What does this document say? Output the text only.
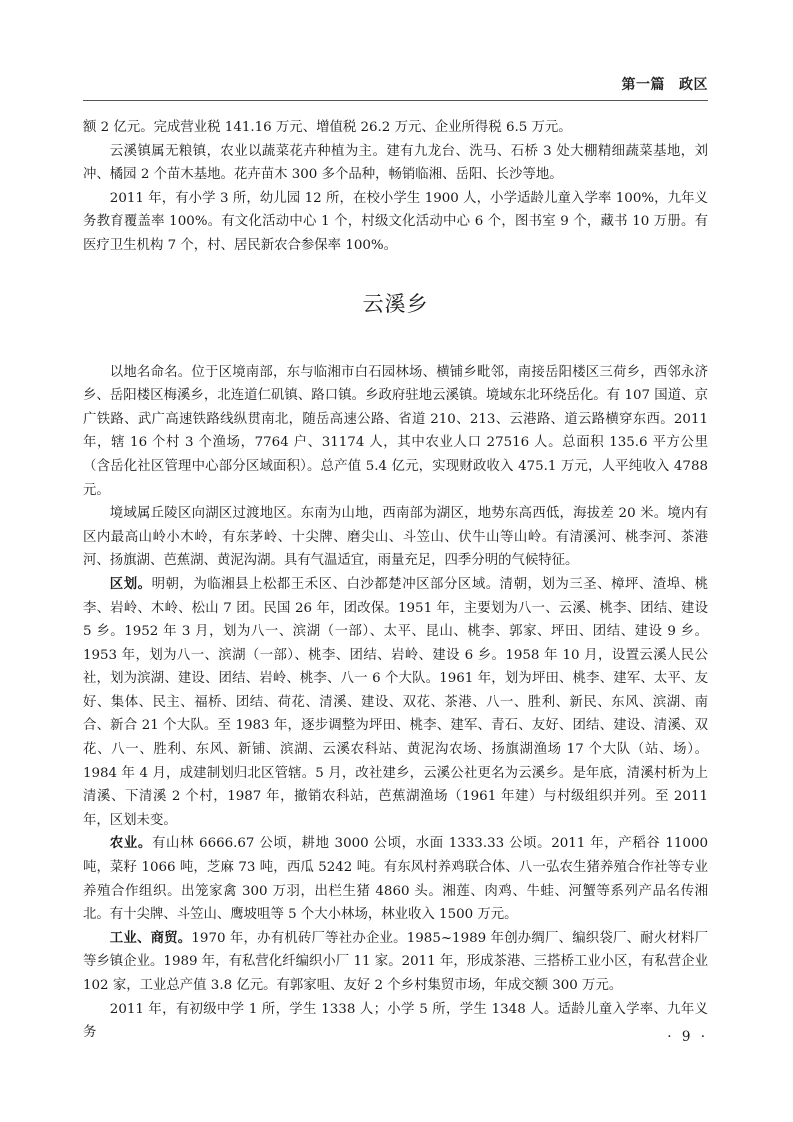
第一篇 政区

额 2 亿元。完成营业税 141.16 万元、增值税 26.2 万元、企业所得税 6.5 万元。

云溪镇属无粮镇，农业以蔬菜花卉种植为主。建有九龙台、洗马、石桥 3 处大棚精细蔬菜基地，刘冲、橘园 2 个苗木基地。花卉苗木 300 多个品种，畅销临湘、岳阳、长沙等地。

2011 年，有小学 3 所，幼儿园 12 所，在校小学生 1900 人，小学适龄儿童入学率 100%，九年义务教育覆盖率 100%。有文化活动中心 1 个，村级文化活动中心 6 个，图书室 9 个，藏书 10 万册。有医疗卫生机构 7 个，村、居民新农合参保率 100%。

云溪乡

以地名命名。位于区境南部，东与临湘市白石园林场、横铺乡毗邻，南接岳阳楼区三荷乡，西邻永济乡、岳阳楼区梅溪乡，北连道仁矶镇、路口镇。乡政府驻地云溪镇。境域东北环绕岳化。有 107 国道、京广铁路、武广高速铁路线纵贯南北，随岳高速公路、省道 210、213、云港路、道云路横穿东西。2011 年，辖 16 个村 3 个渔场，7764 户、31174 人，其中农业人口 27516 人。总面积 135.6 平方公里（含岳化社区管理中心部分区域面积）。总产值 5.4 亿元，实现财政收入 475.1 万元，人平纯收入 4788 元。

境域属丘陵区向湖区过渡地区。东南为山地，西南部为湖区，地势东高西低，海拔差 20 米。境内有区内最高山岭小木岭，有东茅岭、十尖牌、磨尖山、斗笠山、伏牛山等山岭。有清溪河、桃李河、茶港河、扬旗湖、芭蕉湖、黄泥沟湖。具有气温适宜，雨量充足，四季分明的气候特征。

区划。明朝，为临湘县上松都王禾区、白沙都楚冲区部分区域。清朝，划为三圣、樟坪、渣埠、桃李、岩岭、木岭、松山 7 团。民国 26 年，团改保。1951 年，主要划为八一、云溪、桃李、团结、建设 5 乡。1952 年 3 月，划为八一、滨湖（一部）、太平、昆山、桃李、郭家、坪田、团结、建设 9 乡。1953 年，划为八一、滨湖（一部）、桃李、团结、岩岭、建设 6 乡。1958 年 10 月，设置云溪人民公社，划为滨湖、建设、团结、岩岭、桃李、八一 6 个大队。1961 年，划为坪田、桃李、建军、太平、友好、集体、民主、福桥、团结、荷花、清溪、建设、双花、茶港、八一、胜利、新民、东风、滨湖、南合、新合 21 个大队。至 1983 年，逐步调整为坪田、桃李、建军、青石、友好、团结、建设、清溪、双花、八一、胜利、东风、新铺、滨湖、云溪农科站、黄泥沟农场、扬旗湖渔场 17 个大队（站、场）。1984 年 4 月，成建制划归北区管辖。5 月，改社建乡，云溪公社更名为云溪乡。是年底，清溪村析为上清溪、下清溪 2 个村，1987 年，撤销农科站，芭蕉湖渔场（1961 年建）与村级组织并列。至 2011 年，区划未变。

农业。有山林 6666.67 公顷，耕地 3000 公顷，水面 1333.33 公顷。2011 年，产稻谷 11000 吨，菜籽 1066 吨，芝麻 73 吨，西瓜 5242 吨。有东风村养鸡联合体、八一弘农生猪养殖合作社等专业养殖合作组织。出笼家禽 300 万羽，出栏生猪 4860 头。湘莲、肉鸡、牛蛙、河蟹等系列产品名传湘北。有十尖牌、斗笠山、鹰坡咀等 5 个大小林场，林业收入 1500 万元。

工业、商贸。1970 年，办有机砖厂等社办企业。1985~1989 年创办绸厂、编织袋厂、耐火材料厂等乡镇企业。1989 年，有私营化纤编织小厂 11 家。2011 年，形成茶港、三搭桥工业小区，有私营企业 102 家，工业总产值 3.8 亿元。有郭家咀、友好 2 个乡村集贸市场，年成交额 300 万元。

2011 年，有初级中学 1 所，学生 1338 人；小学 5 所，学生 1348 人。适龄儿童入学率、九年义务	· 9 ·
